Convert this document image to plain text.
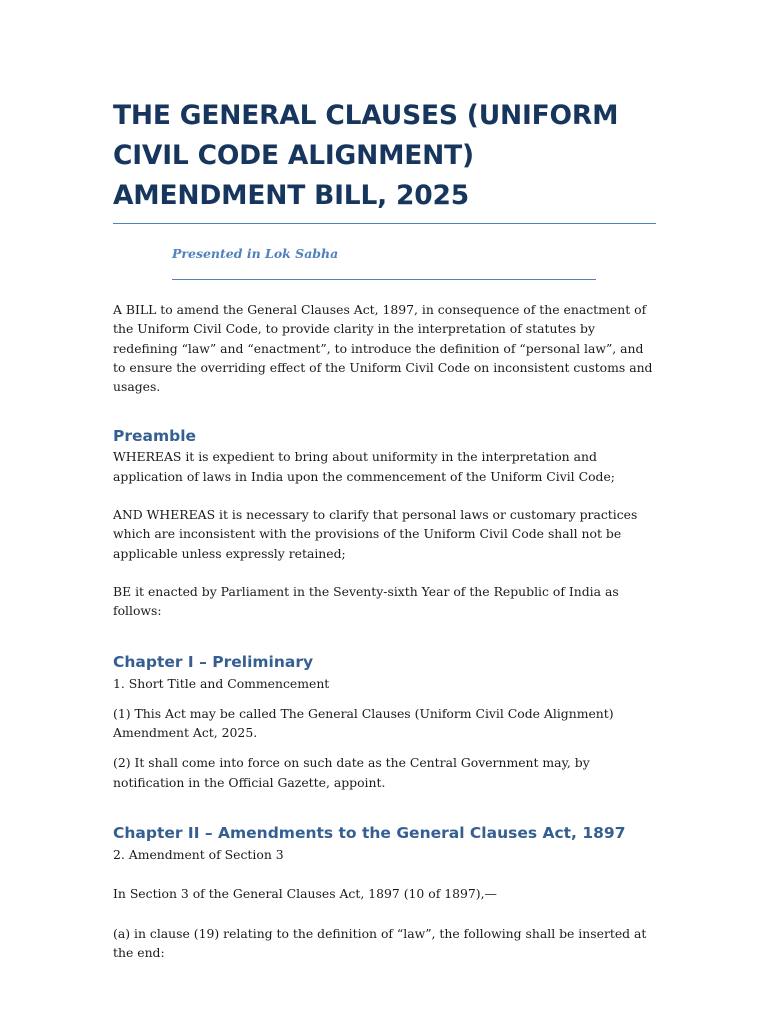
THE GENERAL CLAUSES (UNIFORM CIVIL CODE ALIGNMENT) AMENDMENT BILL, 2025

Presented in Lok Sabha

A BILL to amend the General Clauses Act, 1897, in consequence of the enactment of the Uniform Civil Code, to provide clarity in the interpretation of statutes by redefining “law” and “enactment”, to introduce the definition of “personal law”, and to ensure the overriding effect of the Uniform Civil Code on inconsistent customs and usages.

Preamble

WHEREAS it is expedient to bring about uniformity in the interpretation and application of laws in India upon the commencement of the Uniform Civil Code;

AND WHEREAS it is necessary to clarify that personal laws or customary practices which are inconsistent with the provisions of the Uniform Civil Code shall not be applicable unless expressly retained;

BE it enacted by Parliament in the Seventy-sixth Year of the Republic of India as follows:

Chapter I – Preliminary

1. Short Title and Commencement

(1) This Act may be called The General Clauses (Uniform Civil Code Alignment) Amendment Act, 2025.

(2) It shall come into force on such date as the Central Government may, by notification in the Official Gazette, appoint.

Chapter II – Amendments to the General Clauses Act, 1897

2. Amendment of Section 3

In Section 3 of the General Clauses Act, 1897 (10 of 1897),—

(a) in clause (19) relating to the definition of “law”, the following shall be inserted at the end:
